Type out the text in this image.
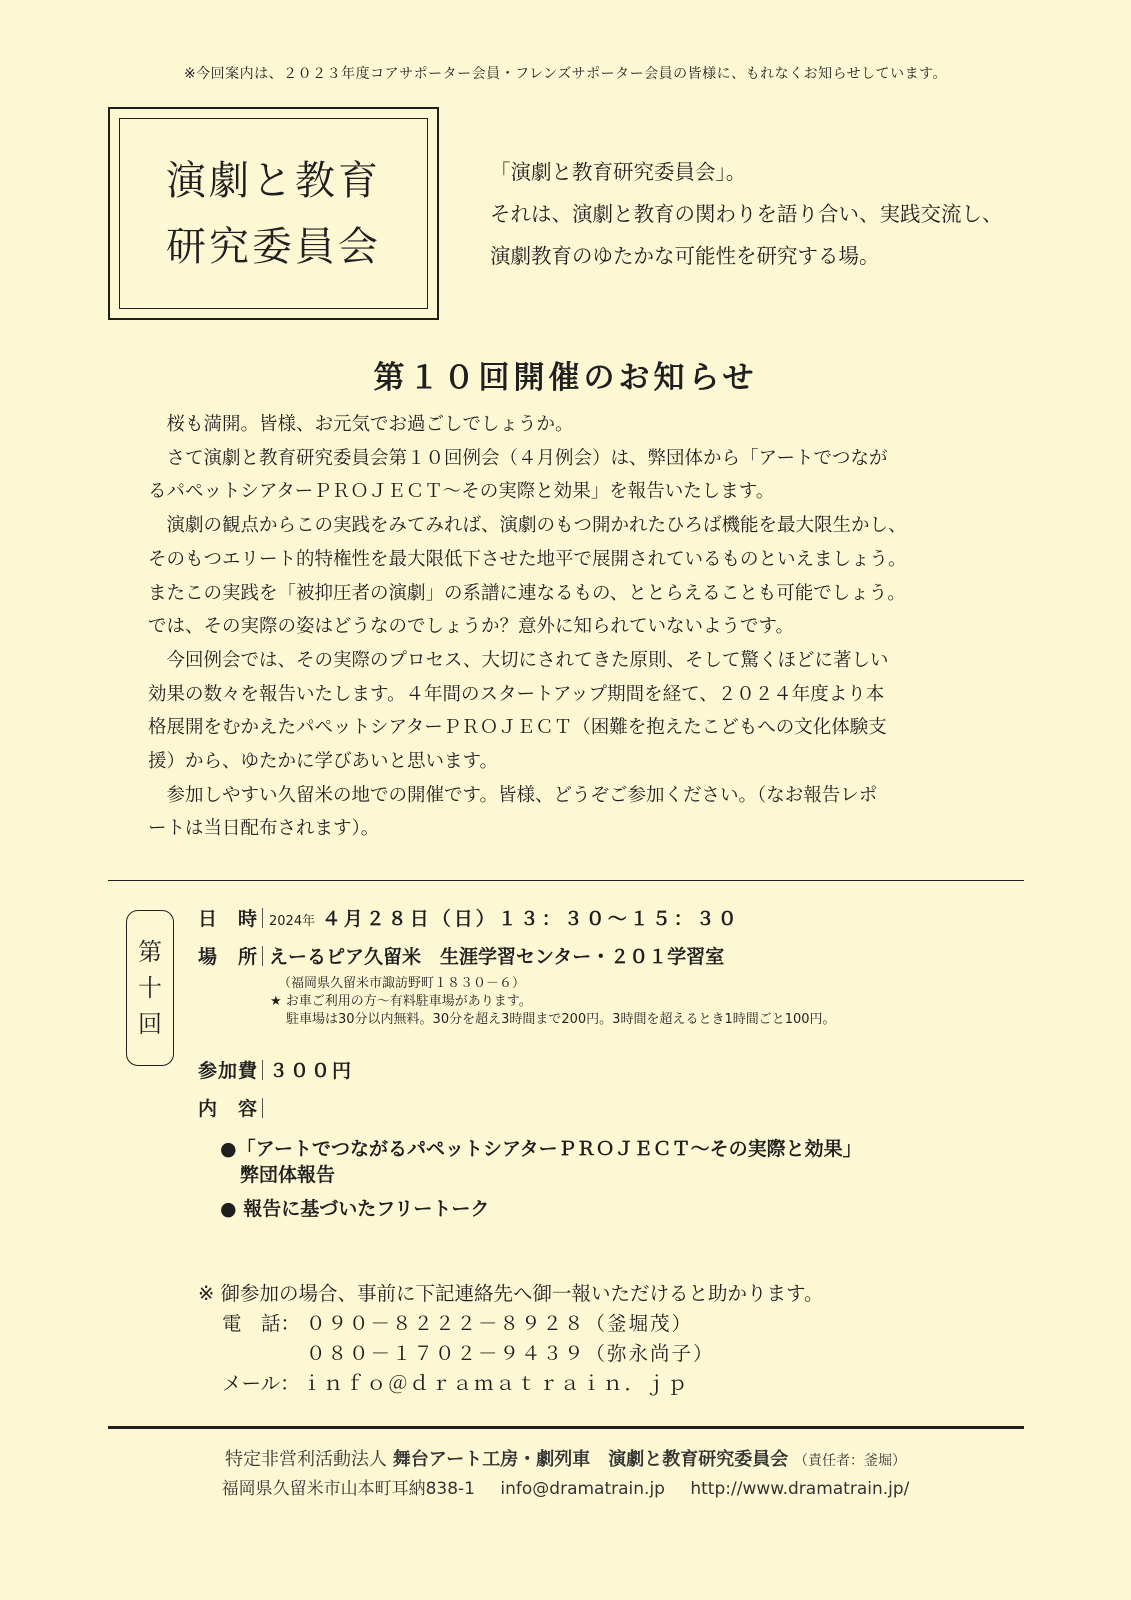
※今回案内は、２０２３年度コアサポーター会員・フレンズサポーター会員の皆様に、もれなくお知らせしています。
演劇と教育
研究委員会
「演劇と教育研究委員会」。
それは、演劇と教育の関わりを語り合い、実践交流し、
演劇教育のゆたかな可能性を研究する場。
第１０回開催のお知らせ

　桜も満開。皆様、お元気でお過ごしでしょうか。

　さて演劇と教育研究委員会第１０回例会（４月例会）は、弊団体から「アートでつなが

るパペットシアターＰＲＯＪＥＣＴ～その実際と効果」を報告いたします。

　演劇の観点からこの実践をみてみれば、演劇のもつ開かれたひろば機能を最大限生かし、

そのもつエリート的特権性を最大限低下させた地平で展開されているものといえましょう。

またこの実践を「被抑圧者の演劇」の系譜に連なるもの、ととらえることも可能でしょう。

では、その実際の姿はどうなのでしょうか？意外に知られていないようです。

　今回例会では、その実際のプロセス、大切にされてきた原則、そして驚くほどに著しい

効果の数々を報告いたします。４年間のスタートアップ期間を経て、２０２４年度より本

格展開をむかえたパペットシアターＰＲＯＪＥＣＴ（困難を抱えたこどもへの文化体験支

援）から、ゆたかに学びあいと思います。

　参加しやすい久留米の地での開催です。皆様、どうぞご参加ください。（なお報告レポ

ートは当日配布されます）。

第
十
回
日　時 2024年 ４月２８日（日）１３：３０～１５：３０
場　所 えーるピア久留米　生涯学習センター・２０１学習室
（福岡県久留米市諏訪野町１８３０－６）
★ お車ご利用の方～有料駐車場があります。
駐車場は30分以内無料。30分を超え3時間まで200円。3時間を超えるとき1時間ごと100円。
参加費 ３００円
内　容
●「アートでつながるパペットシアターＰＲＯＪＥＣＴ～その実際と効果」
弊団体報告
● 報告に基づいたフリートーク
※ 御参加の場合、事前に下記連絡先へ御一報いただけると助かります。
電　話： ０９０－８２２２－８９２８（釜堀茂）
０８０－１７０２－９４３９（弥永尚子）
メール： ｉｎｆｏ＠ｄｒａｍａｔｒａｉｎ．ｊｐ
特定非営利活動法人 舞台アート工房・劇列車　演劇と教育研究委員会 （責任者：釜堀）
福岡県久留米市山本町耳納838-1 info@dramatrain.jp http://www.dramatrain.jp/
